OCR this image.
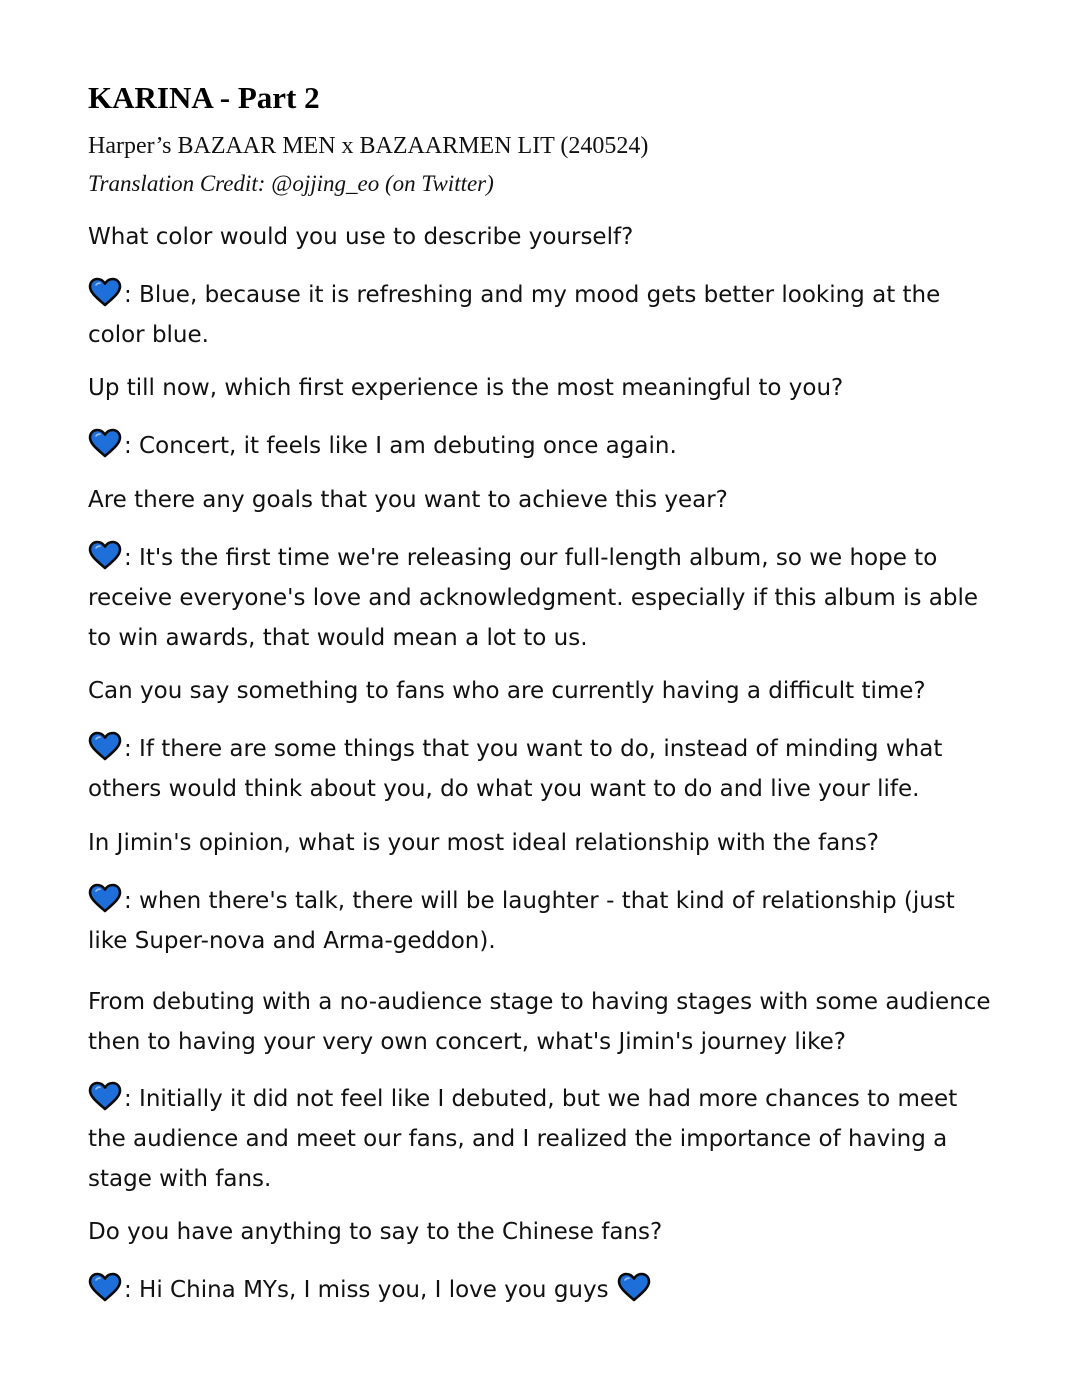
KARINA - Part 2
Harper’s BAZAAR MEN x BAZAARMEN LIT (240524)
Translation Credit: @ojjing_eo (on Twitter)

What color would you use to describe yourself?

: Blue, because it is refreshing and my mood gets better looking at the color blue.

Up till now, which first experience is the most meaningful to you?

: Concert, it feels like I am debuting once again.

Are there any goals that you want to achieve this year?

: It's the first time we're releasing our full-length album, so we hope to receive everyone's love and acknowledgment. especially if this album is able to win awards, that would mean a lot to us.

Can you say something to fans who are currently having a difficult time?

: If there are some things that you want to do, instead of minding what others would think about you, do what you want to do and live your life.

In Jimin's opinion, what is your most ideal relationship with the fans?

: when there's talk, there will be laughter - that kind of relationship (just like Super-nova and Arma-geddon).

From debuting with a no-audience stage to having stages with some audience then to having your very own concert, what's Jimin's journey like?

: Initially it did not feel like I debuted, but we had more chances to meet the audience and meet our fans, and I realized the importance of having a stage with fans.

Do you have anything to say to the Chinese fans?

: Hi China MYs, I miss you, I love you guys
